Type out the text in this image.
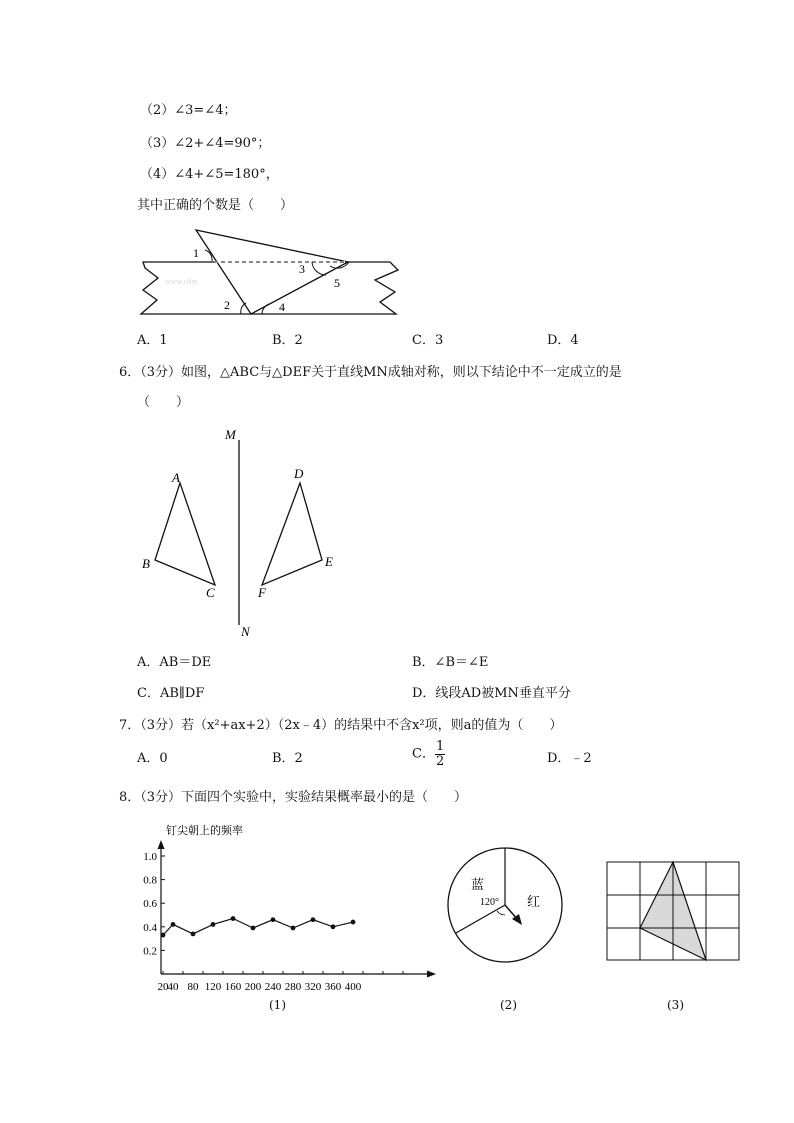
（2）∠3=∠4；
（3）∠2+∠4=90°；
（4）∠4+∠5=180°，
其中正确的个数是（　　）
1
2
3
4
5
www.c0m
A．1	B．2	C．3	D．4
6．（3分）如图，△ABC与△DEF关于直线MN成轴对称，则以下结论中不一定成立的是
（　　）
M
N
A
B
C
D
E
F
A．AB＝DE	B．∠B＝∠E
C．AB∥DF	D．线段AD被MN垂直平分
7．（3分）若（x²+ax+2）（2x﹣4）的结果中不含x²项，则a的值为（　　）
A．0	B．2	C． $\frac{1}{2}$	D．﹣2
8．（3分）下面四个实验中，实验结果概率最小的是（　　）
钉尖朝上的频率
0.2
0.4
0.6
0.8
1.0
20 40 80 120 160 200 240 280 320 360 400
(1)
蓝
红
120°
(2)	(3)
